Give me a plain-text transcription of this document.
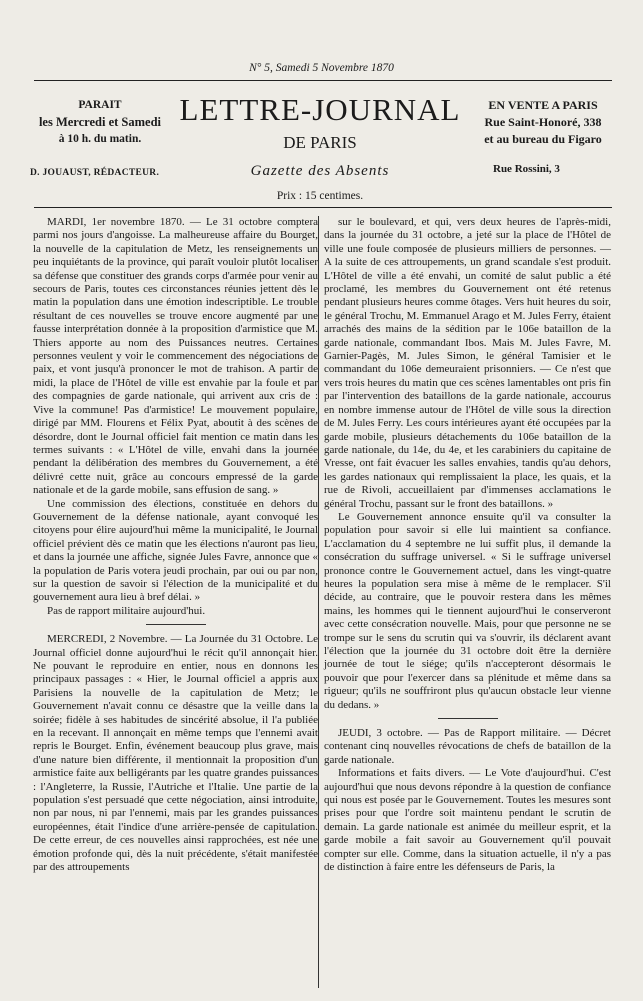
N° 5, Samedi 5 Novembre 1870
PARAIT
les Mercredi et Samedi
à 10 h. du matin.
D. JOUAUST, RÉDACTEUR.
LETTRE-JOURNAL
DE PARIS
Gazette des Absents
Prix : 15 centimes.
EN VENTE A PARIS
Rue Saint-Honoré, 338
et au bureau du Figaro
Rue Rossini, 3

MARDI, 1er novembre 1870. — Le 31 octobre comptera parmi nos jours d'angoisse. La malheureuse affaire du Bourget, la nouvelle de la capitulation de Metz, les renseignements un peu inquiétants de la province, qui paraît vouloir plutôt localiser sa défense que constituer des grands corps d'armée pour venir au secours de Paris, toutes ces circonstances réunies jettent dès le matin la population dans une émotion indescriptible. Le trouble résultant de ces nouvelles se trouve encore augmenté par une fausse interprétation donnée à la proposition d'armistice que M. Thiers apporte au nom des Puissances neutres. Certaines personnes veulent y voir le commencement des négociations de paix, et vont jusqu'à prononcer le mot de trahison. A partir de midi, la place de l'Hôtel de ville est envahie par la foule et par des compagnies de garde nationale, qui arrivent aux cris de : Vive la commune! Pas d'armistice! Le mouvement populaire, dirigé par MM. Flourens et Félix Pyat, aboutit à des scènes de désordre, dont le Journal officiel fait mention ce matin dans les termes suivants : « L'Hôtel de ville, envahi dans la journée pendant la délibération des membres du Gouvernement, a été délivré cette nuit, grâce au concours empressé de la garde nationale et de la garde mobile, sans effusion de sang. »

Une commission des élections, constituée en dehors du Gouvernement de la défense nationale, ayant convoqué les citoyens pour élire aujourd'hui même la municipalité, le Journal officiel prévient dès ce matin que les élections n'auront pas lieu, et dans la journée une affiche, signée Jules Favre, annonce que « la population de Paris votera jeudi prochain, par oui ou par non, sur la question de savoir si l'élection de la municipalité et du gouvernement aura lieu à bref délai. »

Pas de rapport militaire aujourd'hui.

MERCREDI, 2 Novembre. — La Journée du 31 Octobre. Le Journal officiel donne aujourd'hui le récit qu'il annonçait hier. Ne pouvant le reproduire en entier, nous en donnons les principaux passages : « Hier, le Journal officiel a appris aux Parisiens la nouvelle de la capitulation de Metz; le Gouvernement n'avait connu ce désastre que la veille dans la soirée; fidèle à ses habitudes de sincérité absolue, il l'a publiée en la recevant. Il annonçait en même temps que l'ennemi avait repris le Bourget. Enfin, événement beaucoup plus grave, mais d'une nature bien différente, il mentionnait la proposition d'un armistice faite aux belligérants par les quatre grandes puissances : l'Angleterre, la Russie, l'Autriche et l'Italie. Une partie de la population s'est persuadé que cette négociation, ainsi introduite, non par nous, ni par l'ennemi, mais par les grandes puissances européennes, était l'indice d'une arrière-pensée de capitulation. De cette erreur, de ces nouvelles ainsi rapprochées, est née une émotion profonde qui, dès la nuit précédente, s'était manifestée par des attroupements

sur le boulevard, et qui, vers deux heures de l'après-midi, dans la journée du 31 octobre, a jeté sur la place de l'Hôtel de ville une foule composée de plusieurs milliers de personnes. — A la suite de ces attroupements, un grand scandale s'est produit. L'Hôtel de ville a été envahi, un comité de salut public a été proclamé, les membres du Gouvernement ont été retenus pendant plusieurs heures comme ôtages. Vers huit heures du soir, le général Trochu, M. Emmanuel Arago et M. Jules Ferry, étaient arrachés des mains de la sédition par le 106e bataillon de la garde nationale, commandant Ibos. Mais M. Jules Favre, M. Garnier-Pagès, M. Jules Simon, le général Tamisier et le commandant du 106e demeuraient prisonniers. — Ce n'est que vers trois heures du matin que ces scènes lamentables ont pris fin par l'intervention des bataillons de la garde nationale, accourus en nombre immense autour de l'Hôtel de ville sous la direction de M. Jules Ferry. Les cours intérieures ayant été occupées par la garde mobile, plusieurs détachements du 106e bataillon de la garde nationale, du 14e, du 4e, et les carabiniers du capitaine de Vresse, ont fait évacuer les salles envahies, tandis qu'au dehors, les gardes nationaux qui remplissaient la place, les quais, et la rue de Rivoli, accueillaient par d'immenses acclamations le général Trochu, passant sur le front des bataillons. »

Le Gouvernement annonce ensuite qu'il va consulter la population pour savoir si elle lui maintient sa confiance. L'acclamation du 4 septembre ne lui suffit plus, il demande la consécration du suffrage universel. « Si le suffrage universel prononce contre le Gouvernement actuel, dans les vingt-quatre heures la population sera mise à même de le remplacer. S'il décide, au contraire, que le pouvoir restera dans les mêmes mains, les hommes qui le tiennent aujourd'hui le conserveront avec cette consécration nouvelle. Mais, pour que personne ne se trompe sur le sens du scrutin qui va s'ouvrir, ils déclarent avant l'élection que la journée du 31 octobre doit être la dernière journée de tout le siége; qu'ils n'accepteront désormais le pouvoir que pour l'exercer dans sa plénitude et même dans sa rigueur; qu'ils ne souffriront plus qu'aucun obstacle leur vienne du dedans. »

JEUDI, 3 octobre. — Pas de Rapport militaire. — Décret contenant cinq nouvelles révocations de chefs de bataillon de la garde nationale.

Informations et faits divers. — Le Vote d'aujourd'hui. C'est aujourd'hui que nous devons répondre à la question de confiance qui nous est posée par le Gouvernement. Toutes les mesures sont prises pour que l'ordre soit maintenu pendant le scrutin de demain. La garde nationale est animée du meilleur esprit, et la garde mobile a fait savoir au Gouvernement qu'il pouvait compter sur elle. Comme, dans la situation actuelle, il n'y a pas de distinction à faire entre les défenseurs de Paris, la
